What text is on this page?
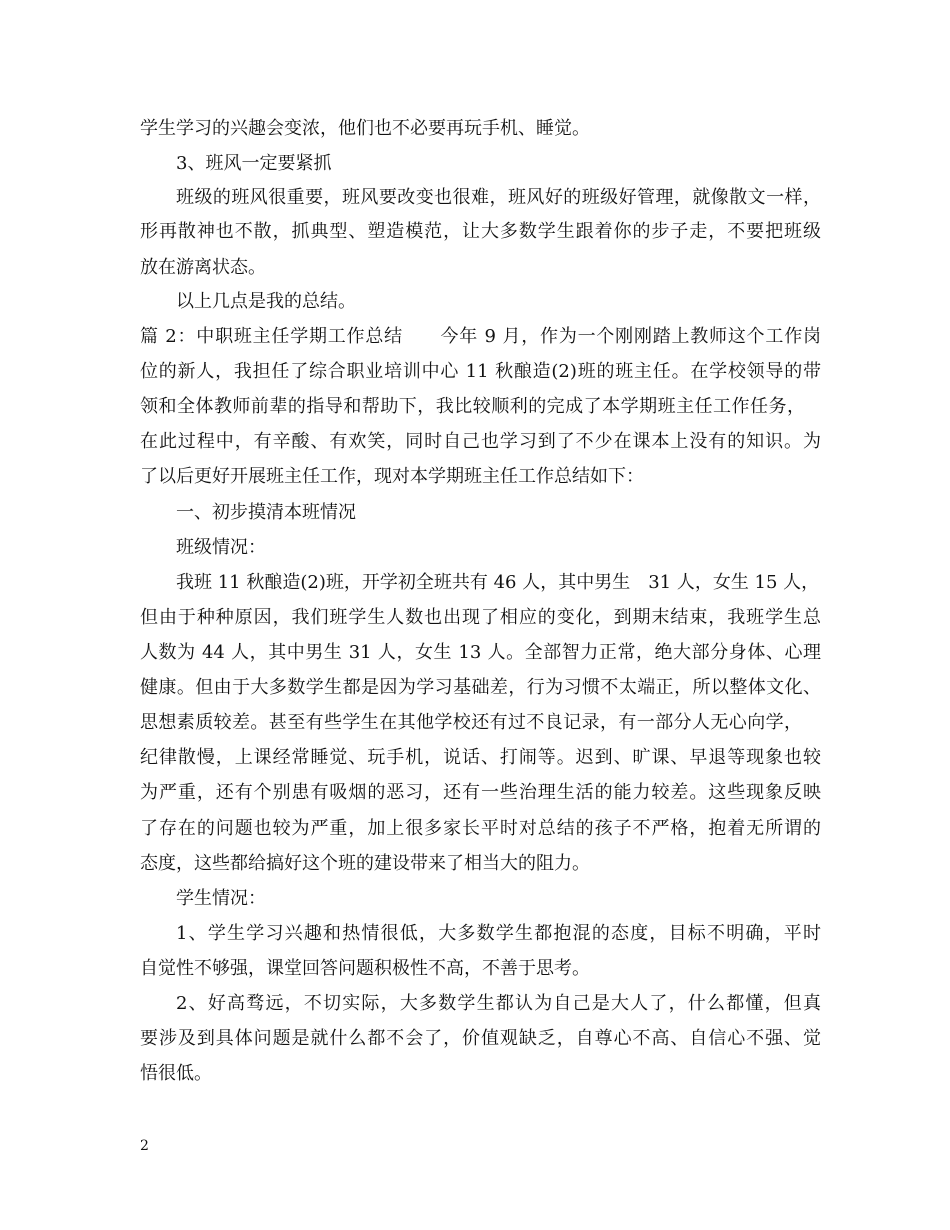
学生学习的兴趣会变浓，他们也不必要再玩手机、睡觉。
3、班风一定要紧抓
班级的班风很重要，班风要改变也很难，班风好的班级好管理，就像散文一样，
形再散神也不散，抓典型、塑造模范，让大多数学生跟着你的步子走，不要把班级
放在游离状态。
以上几点是我的总结。
篇 2：中职班主任学期工作总结　　今年 9 月，作为一个刚刚踏上教师这个工作岗
位的新人，我担任了综合职业培训中心 11 秋酿造(2)班的班主任。在学校领导的带
领和全体教师前辈的指导和帮助下，我比较顺利的完成了本学期班主任工作任务，
在此过程中，有辛酸、有欢笑，同时自己也学习到了不少在课本上没有的知识。为
了以后更好开展班主任工作，现对本学期班主任工作总结如下：
一、初步摸清本班情况
班级情况：
我班 11 秋酿造(2)班，开学初全班共有 46 人，其中男生　31 人，女生 15 人，
但由于种种原因，我们班学生人数也出现了相应的变化，到期末结束，我班学生总
人数为 44 人，其中男生 31 人，女生 13 人。全部智力正常，绝大部分身体、心理
健康。但由于大多数学生都是因为学习基础差，行为习惯不太端正，所以整体文化、
思想素质较差。甚至有些学生在其他学校还有过不良记录，有一部分人无心向学，
纪律散慢，上课经常睡觉、玩手机，说话、打闹等。迟到、旷课、早退等现象也较
为严重，还有个别患有吸烟的恶习，还有一些治理生活的能力较差。这些现象反映
了存在的问题也较为严重，加上很多家长平时对总结的孩子不严格，抱着无所谓的
态度，这些都给搞好这个班的建设带来了相当大的阻力。
学生情况：
1、学生学习兴趣和热情很低，大多数学生都抱混的态度，目标不明确，平时
自觉性不够强，课堂回答问题积极性不高，不善于思考。
2、好高骛远，不切实际，大多数学生都认为自己是大人了，什么都懂，但真
要涉及到具体问题是就什么都不会了，价值观缺乏，自尊心不高、自信心不强、觉
悟很低。
2
